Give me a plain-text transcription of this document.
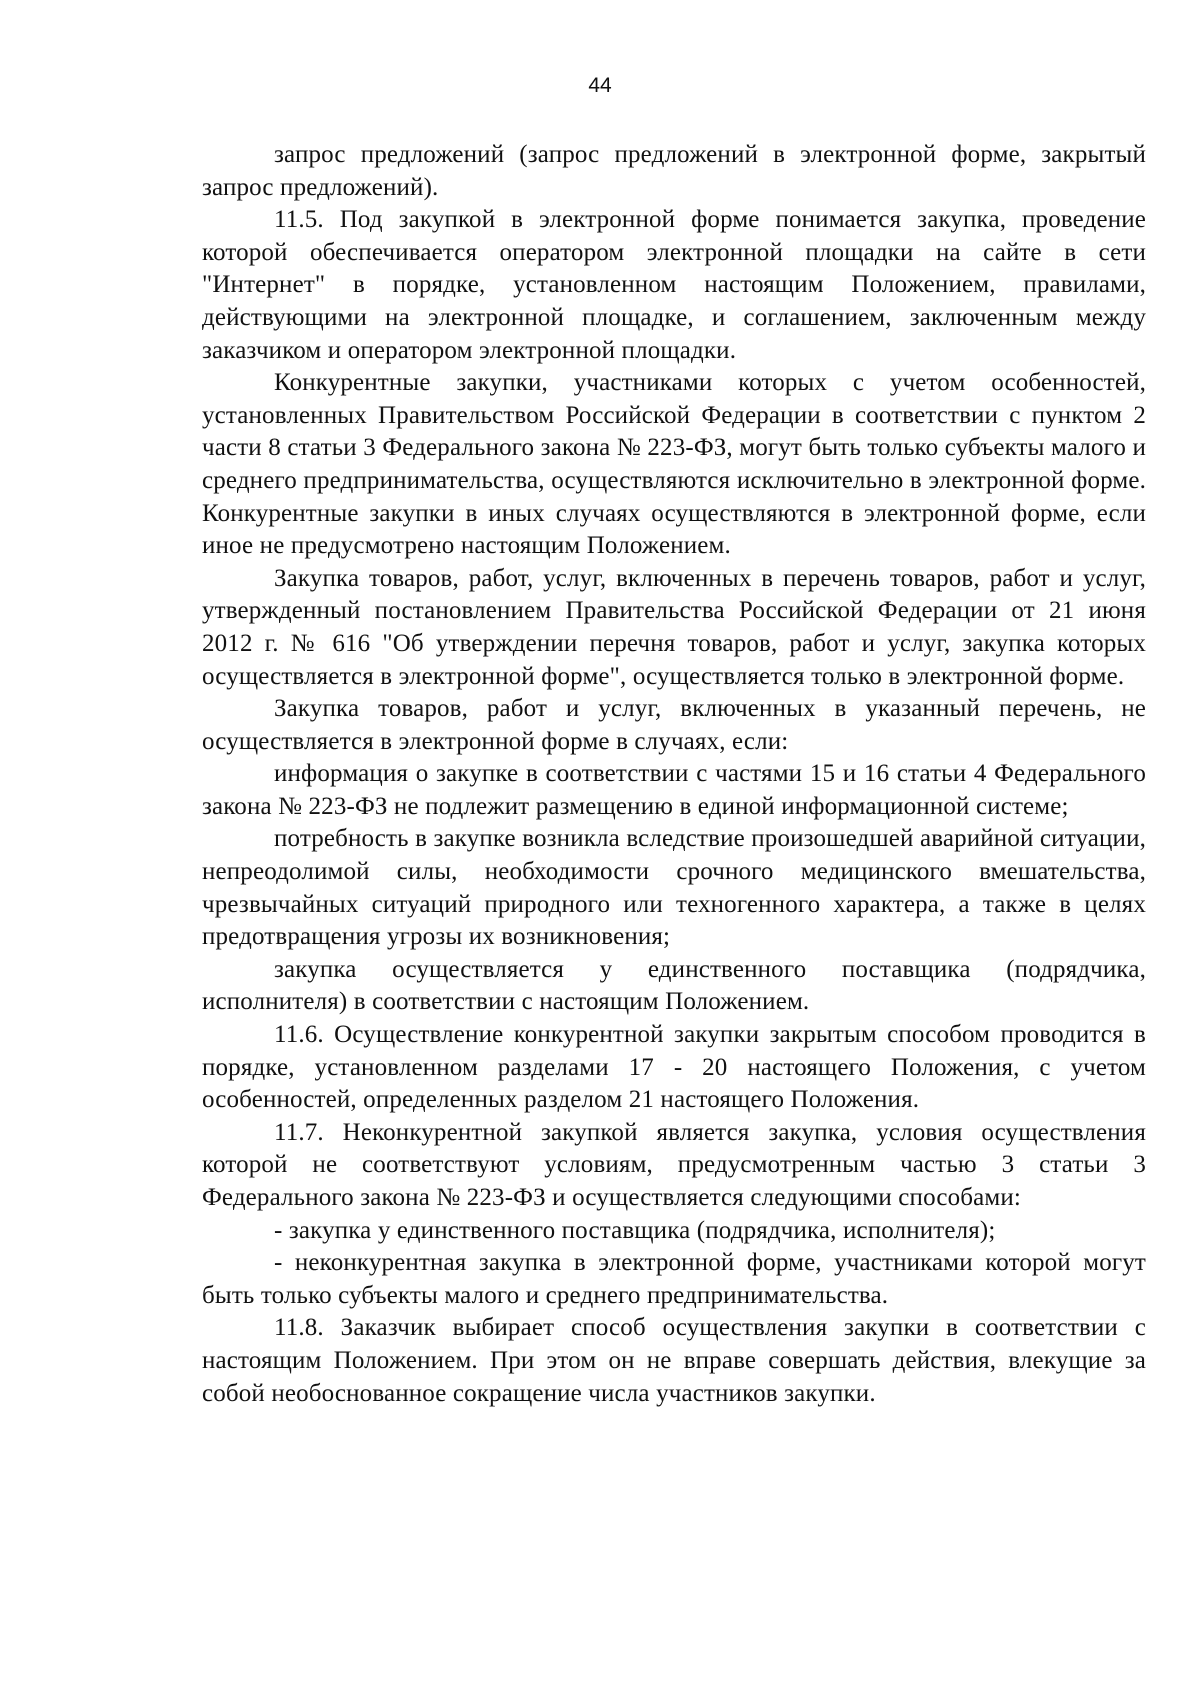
44

запрос предложений (запрос предложений в электронной форме, закрытый запрос предложений).

11.5. Под закупкой в электронной форме понимается закупка, проведение которой обеспечивается оператором электронной площадки на сайте в сети "Интернет" в порядке, установленном настоящим Положением, правилами, действующими на электронной площадке, и соглашением, заключенным между заказчиком и оператором электронной площадки.

Конкурентные закупки, участниками которых с учетом особенностей, установленных Правительством Российской Федерации в соответствии с пунктом 2 части 8 статьи 3 Федерального закона № 223-ФЗ, могут быть только субъекты малого и среднего предпринимательства, осуществляются исключительно в электронной форме. Конкурентные закупки в иных случаях осуществляются в электронной форме, если иное не предусмотрено настоящим Положением.

Закупка товаров, работ, услуг, включенных в перечень товаров, работ и услуг, утвержденный постановлением Правительства Российской Федерации от 21 июня 2012 г. № 616 "Об утверждении перечня товаров, работ и услуг, закупка которых осуществляется в электронной форме", осуществляется только в электронной форме.

Закупка товаров, работ и услуг, включенных в указанный перечень, не осуществляется в электронной форме в случаях, если:

информация о закупке в соответствии с частями 15 и 16 статьи 4 Федерального закона № 223-ФЗ не подлежит размещению в единой информационной системе;

потребность в закупке возникла вследствие произошедшей аварийной ситуации, непреодолимой силы, необходимости срочного медицинского вмешательства, чрезвычайных ситуаций природного или техногенного характера, а также в целях предотвращения угрозы их возникновения;

закупка осуществляется у единственного поставщика (подрядчика, исполнителя) в соответствии с настоящим Положением.

11.6. Осуществление конкурентной закупки закрытым способом проводится в порядке, установленном разделами 17 - 20 настоящего Положения, с учетом особенностей, определенных разделом 21 настоящего Положения.

11.7. Неконкурентной закупкой является закупка, условия осуществления которой не соответствуют условиям, предусмотренным частью 3 статьи 3 Федерального закона № 223-ФЗ и осуществляется следующими способами:

- закупка у единственного поставщика (подрядчика, исполнителя);

- неконкурентная закупка в электронной форме, участниками которой могут быть только субъекты малого и среднего предпринимательства.

11.8. Заказчик выбирает способ осуществления закупки в соответствии с настоящим Положением. При этом он не вправе совершать действия, влекущие за собой необоснованное сокращение числа участников закупки.
